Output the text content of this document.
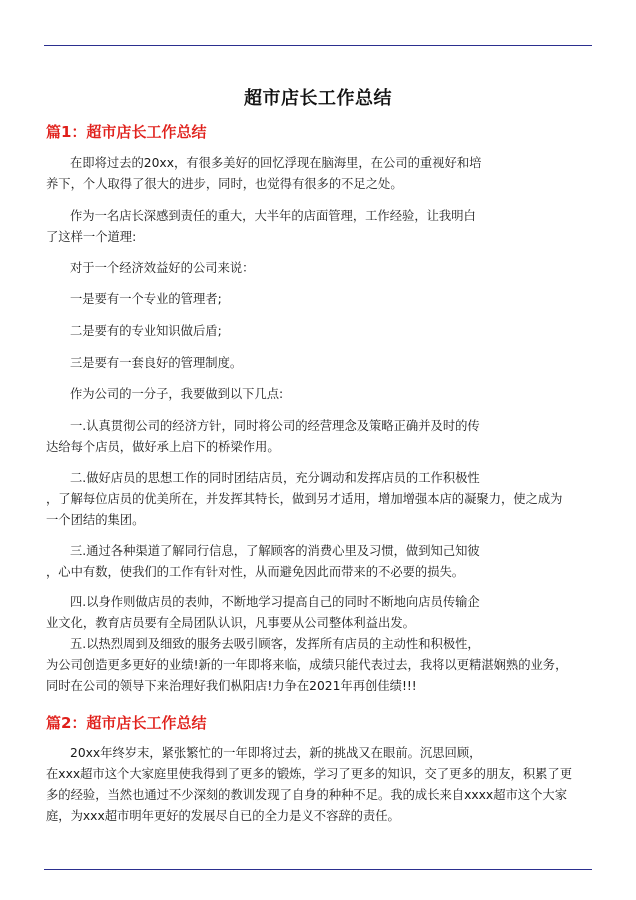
超市店长工作总结
篇1：超市店长工作总结

在即将过去的20xx，有很多美好的回忆浮现在脑海里，在公司的重视好和培
养下，个人取得了很大的进步，同时，也觉得有很多的不足之处。

作为一名店长深感到责任的重大，大半年的店面管理，工作经验，让我明白
了这样一个道理:

对于一个经济效益好的公司来说：

一是要有一个专业的管理者;

二是要有的专业知识做后盾;

三是要有一套良好的管理制度。

作为公司的一分子，我要做到以下几点:

一.认真贯彻公司的经济方针，同时将公司的经营理念及策略正确并及时的传
达给每个店员，做好承上启下的桥梁作用。

二.做好店员的思想工作的同时团结店员，充分调动和发挥店员的工作积极性
，了解每位店员的优美所在，并发挥其特长，做到另才适用，增加增强本店的凝聚力，使之成为
一个团结的集团。

三.通过各种渠道了解同行信息，了解顾客的消费心里及习惯，做到知己知彼
，心中有数，使我们的工作有针对性，从而避免因此而带来的不必要的损失。

四.以身作则做店员的表帅，不断地学习提高自己的同时不断地向店员传输企
业文化，教育店员要有全局团队认识，凡事要从公司整体利益出发。

五.以热烈周到及细致的服务去吸引顾客，发挥所有店员的主动性和积极性，
为公司创造更多更好的业绩!新的一年即将来临，成绩只能代表过去，我将以更精湛娴熟的业务，
同时在公司的领导下来治理好我们枞阳店!力争在2021年再创佳绩!!!

篇2：超市店长工作总结

20xx年终岁末，紧张繁忙的一年即将过去，新的挑战又在眼前。沉思回顾，
在xxx超市这个大家庭里使我得到了更多的锻炼，学习了更多的知识，交了更多的朋友，积累了更
多的经验，当然也通过不少深刻的教训发现了自身的种种不足。我的成长来自xxxx超市这个大家
庭，为xxx超市明年更好的发展尽自已的全力是义不容辞的责任。
